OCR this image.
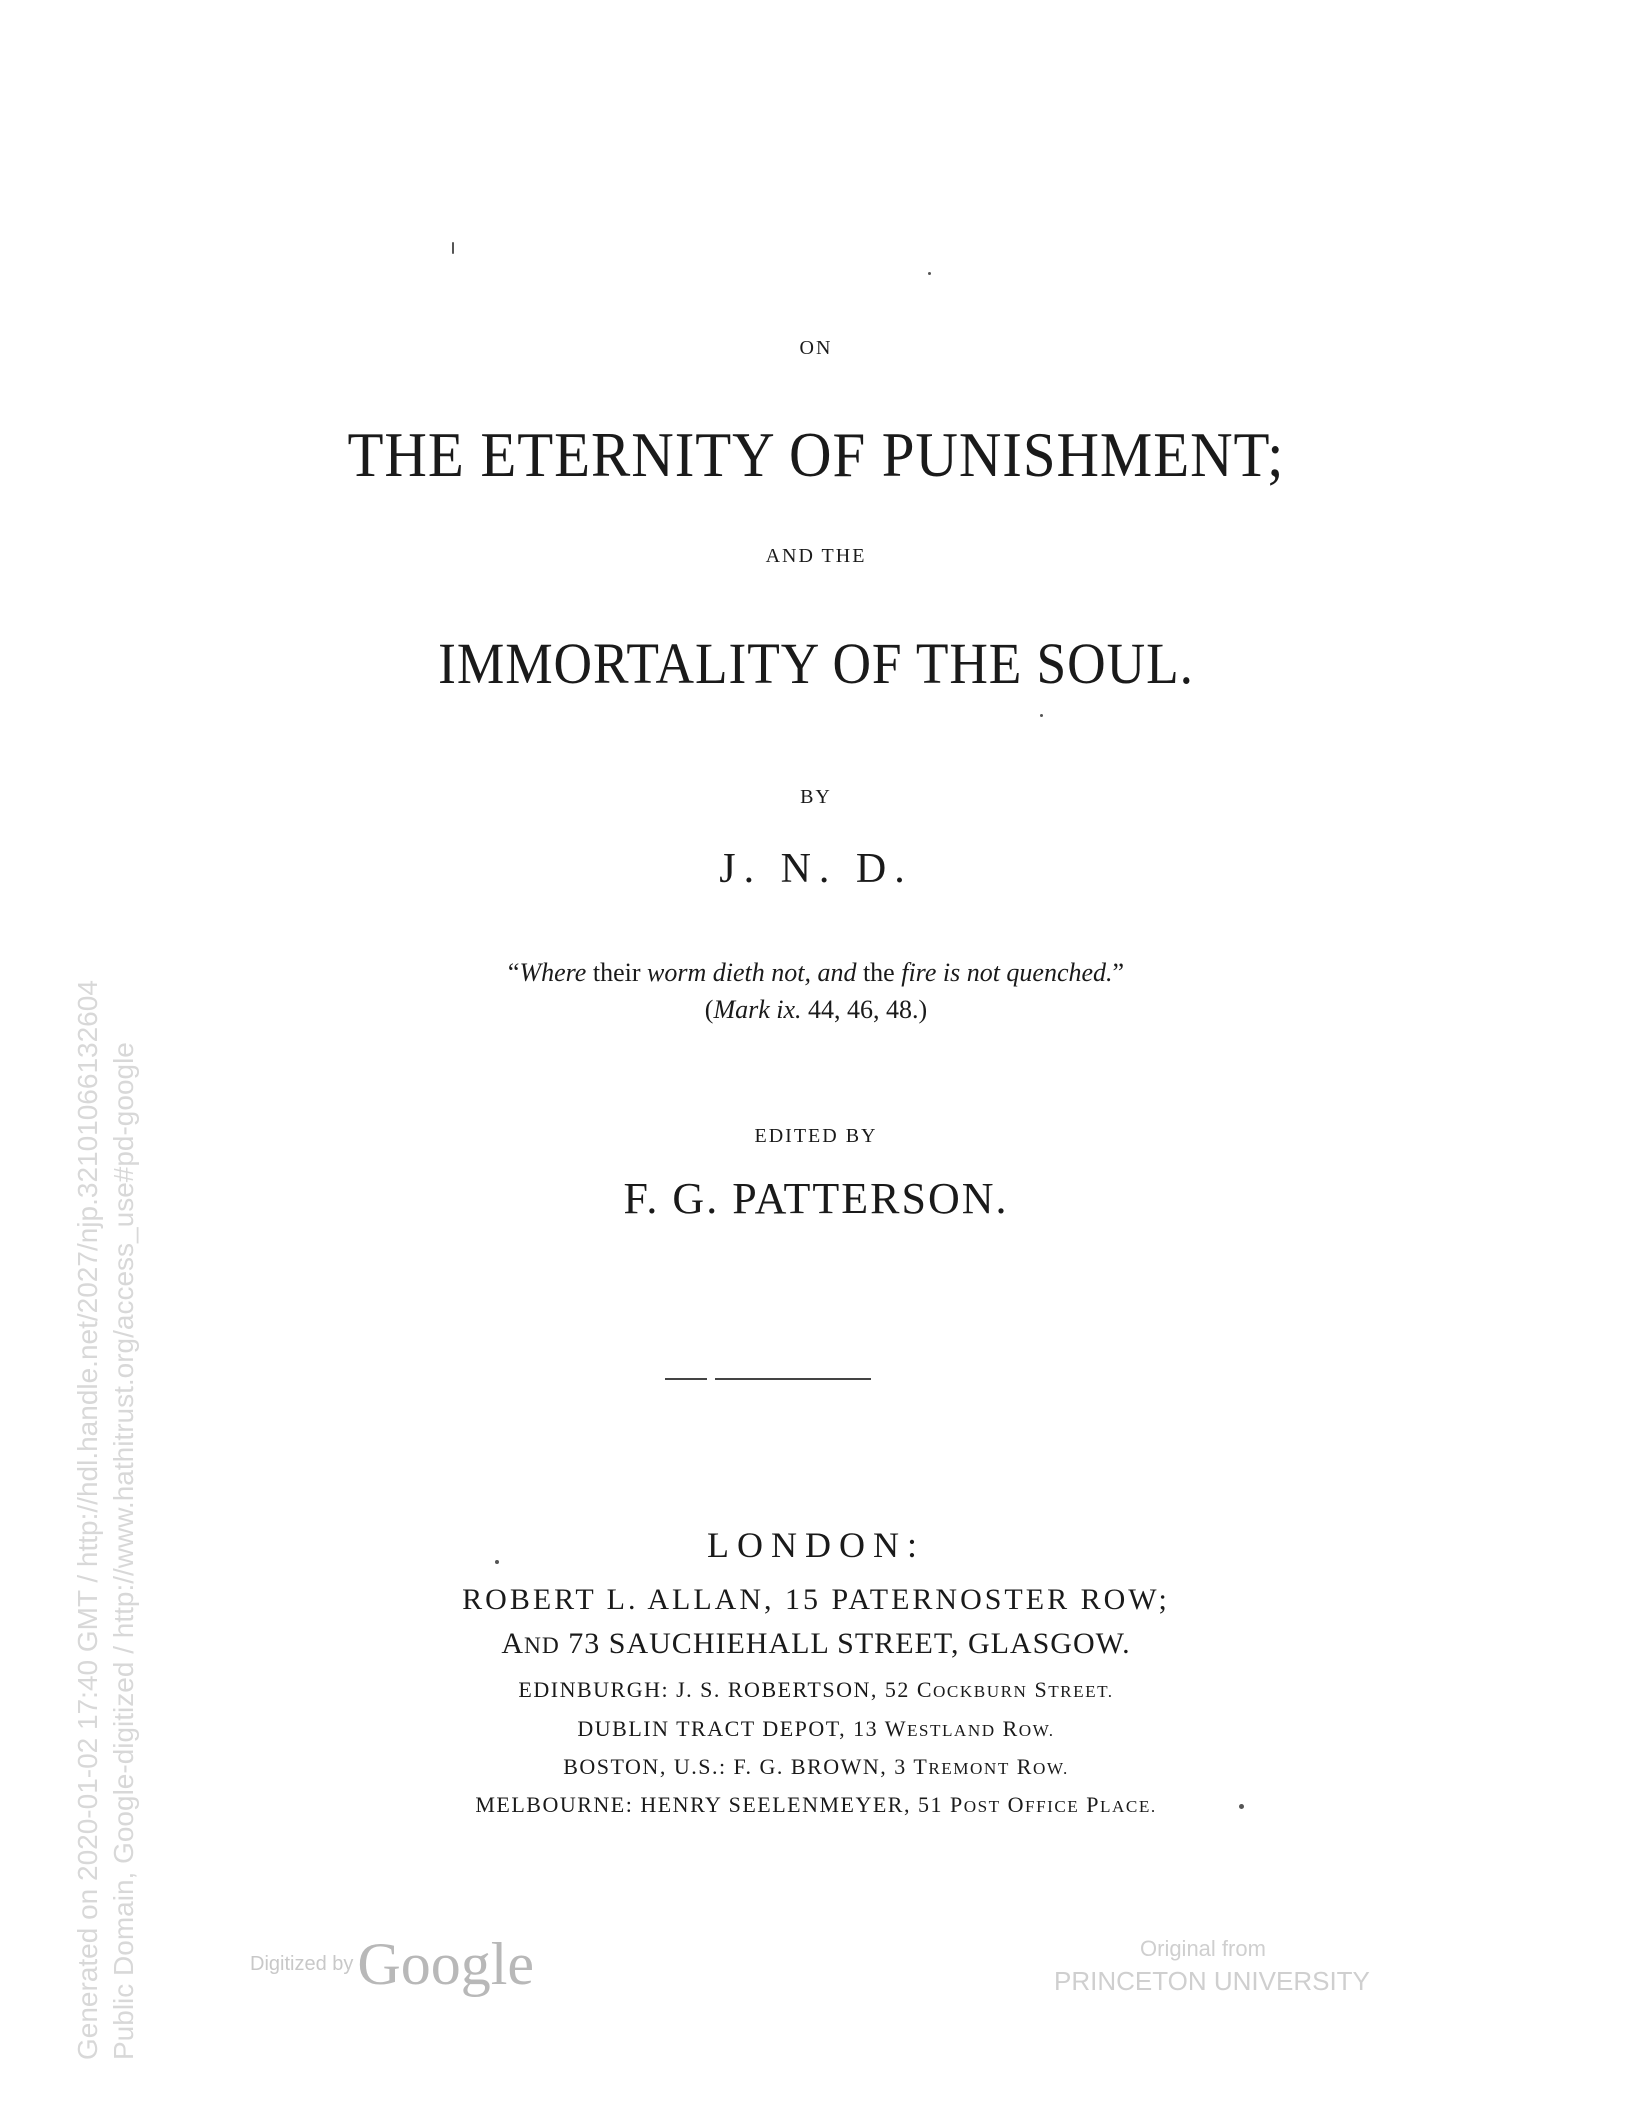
ON
THE ETERNITY OF PUNISHMENT;
AND THE
IMMORTALITY OF THE SOUL.
BY
J. N. D.
“Where their worm dieth not, and the fire is not quenched.”
(Mark ix. 44, 46, 48.)
EDITED BY
F. G. PATTERSON.
LONDON:
ROBERT L. ALLAN, 15 PATERNOSTER ROW;
AND 73 SAUCHIEHALL STREET, GLASGOW.
EDINBURGH: J. S. ROBERTSON, 52 COCKBURN STREET.
DUBLIN TRACT DEPOT, 13 WESTLAND ROW.
BOSTON, U.S.: F. G. BROWN, 3 TREMONT ROW.
MELBOURNE: HENRY SEELENMEYER, 51 POST OFFICE PLACE.
Generated on 2020-01-02 17:40 GMT / http://hdl.handle.net/2027/njp.32101066132604 Public Domain, Google-digitized / http://www.hathitrust.org/access_use#pd-google	Digitized by Google	Original from
PRINCETON UNIVERSITY
